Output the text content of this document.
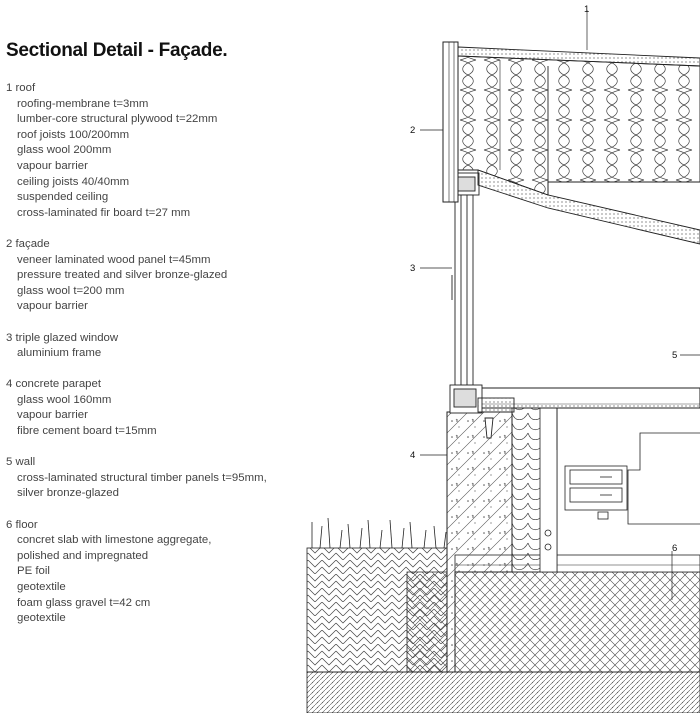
Sectional Detail - Façade.
1 roof
roofing-membrane t=3mm
lumber-core structural plywood t=22mm
roof joists 100/200mm
glass wool 200mm
vapour barrier
ceiling joists 40/40mm
suspended ceiling
cross-laminated fir board t=27 mm
2 façade
veneer laminated wood panel t=45mm
pressure treated and silver bronze-glazed
glass wool t=200 mm
vapour barrier
3 triple glazed window
aluminium frame
4 concrete parapet
glass wool 160mm
vapour barrier
fibre cement board t=15mm
5 wall
cross-laminated structural timber panels t=95mm,
silver bronze-glazed
6 floor
concret slab with limestone aggregate,
polished and impregnated
PE foil
geotextile
foam glass gravel t=42 cm
geotextile
1
2
3
4
5
6
